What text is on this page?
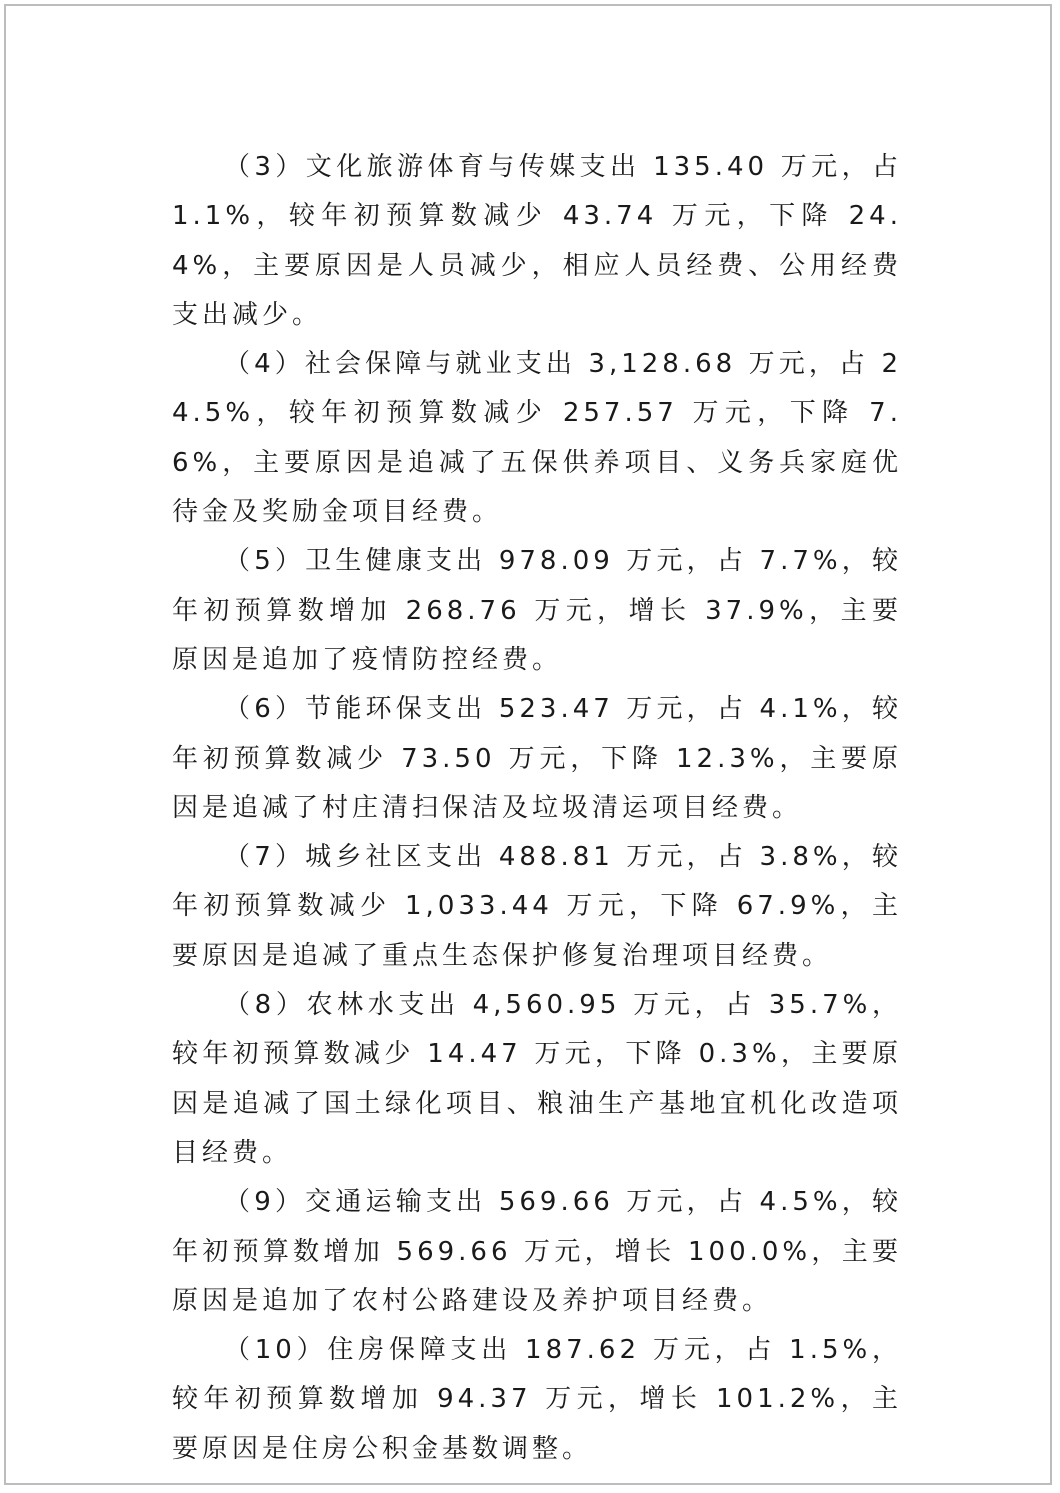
（3）文化旅游体育与传媒支出 135.40 万元，占 1.1%，较年初预算数减少 43.74 万元，下降 24.4%，主要原因是人员减少，相应人员经费、公用经费支出减少。

（4）社会保障与就业支出 3,128.68 万元，占 24.5%，较年初预算数减少 257.57 万元，下降 7.6%，主要原因是追减了五保供养项目、义务兵家庭优待金及奖励金项目经费。

（5）卫生健康支出 978.09 万元，占 7.7%，较年初预算数增加 268.76 万元，增长 37.9%，主要原因是追加了疫情防控经费。

（6）节能环保支出 523.47 万元，占 4.1%，较年初预算数减少 73.50 万元，下降 12.3%，主要原因是追减了村庄清扫保洁及垃圾清运项目经费。

（7）城乡社区支出 488.81 万元，占 3.8%，较年初预算数减少 1,033.44 万元，下降 67.9%，主要原因是追减了重点生态保护修复治理项目经费。

（8）农林水支出 4,560.95 万元，占 35.7%，较年初预算数减少 14.47 万元，下降 0.3%，主要原因是追减了国土绿化项目、粮油生产基地宜机化改造项目经费。

（9）交通运输支出 569.66 万元，占 4.5%，较年初预算数增加 569.66 万元，增长 100.0%，主要原因是追加了农村公路建设及养护项目经费。

（10）住房保障支出 187.62 万元，占 1.5%，较年初预算数增加 94.37 万元，增长 101.2%，主要原因是住房公积金基数调整。
